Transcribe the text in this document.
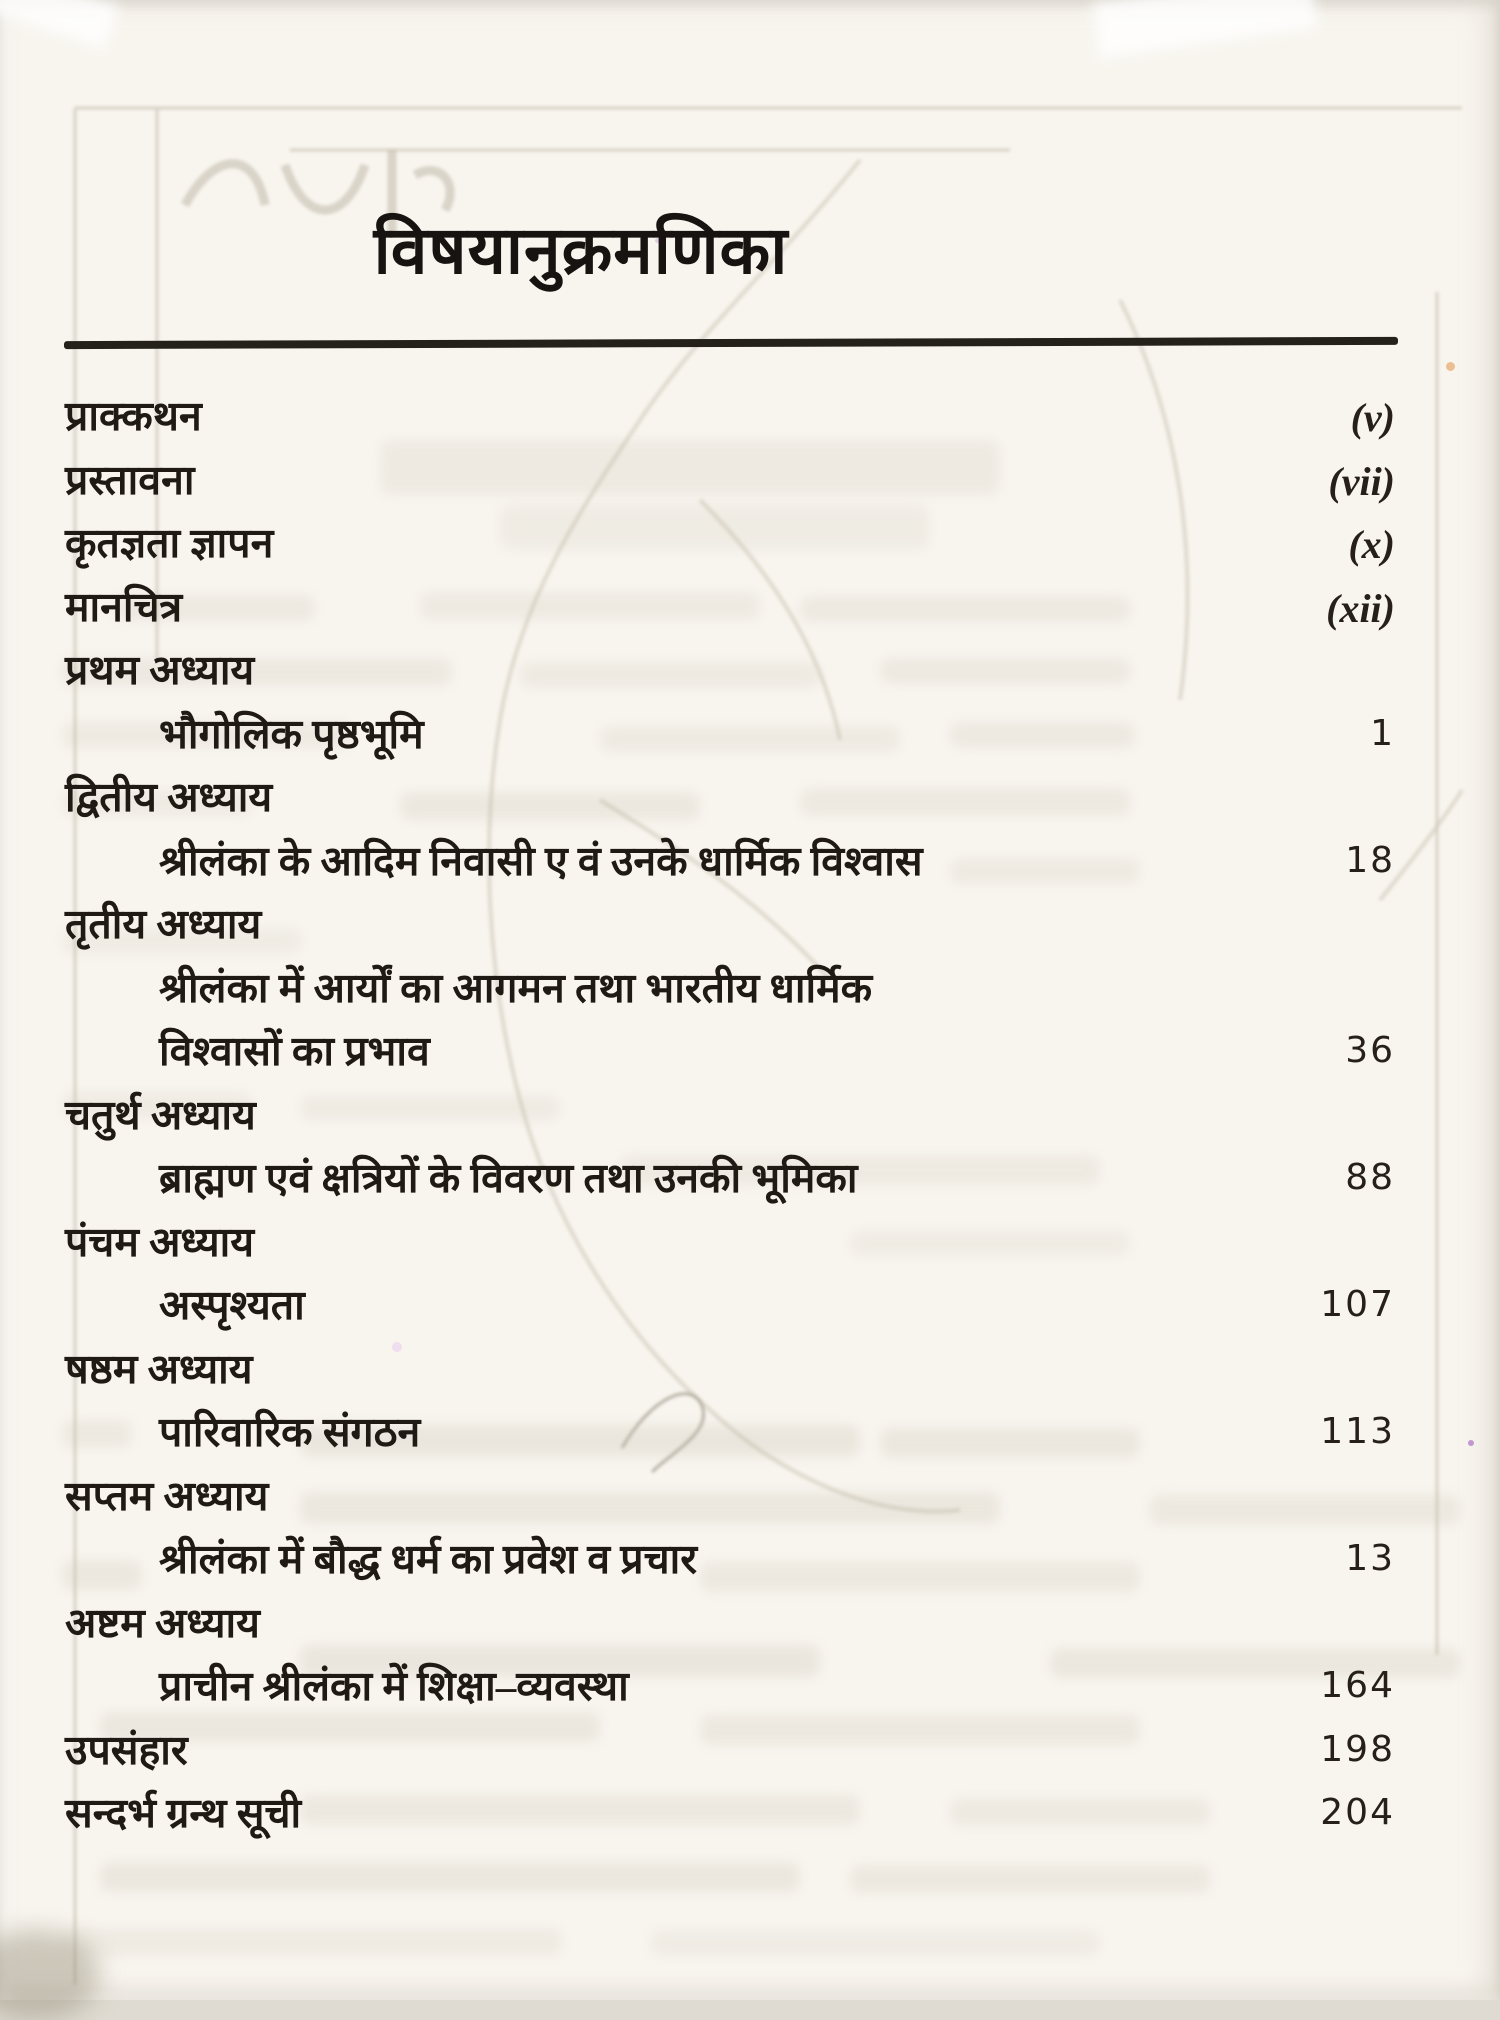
विषयानुक्रमणिका
प्राक्कथन	(v)
प्रस्तावना	(vii)
कृतज्ञता ज्ञापन	(x)
मानचित्र	(xii)
प्रथम अध्याय
भौगोलिक पृष्ठभूमि	1
द्वितीय अध्याय
श्रीलंका के आदिम निवासी ए वं उनके धार्मिक विश्वास	18
तृतीय अध्याय
श्रीलंका में आर्यों का आगमन तथा भारतीय धार्मिक
विश्वासों का प्रभाव	36
चतुर्थ अध्याय
ब्राह्मण एवं क्षत्रियों के विवरण तथा उनकी भूमिका	88
पंचम अध्याय
अस्पृश्यता	107
षष्ठम अध्याय
पारिवारिक संगठन	113
सप्तम अध्याय
श्रीलंका में बौद्ध धर्म का प्रवेश व प्रचार	13
अष्टम अध्याय
प्राचीन श्रीलंका में शिक्षा–व्यवस्था	164
उपसंहार	198
सन्दर्भ ग्रन्थ सूची	204
